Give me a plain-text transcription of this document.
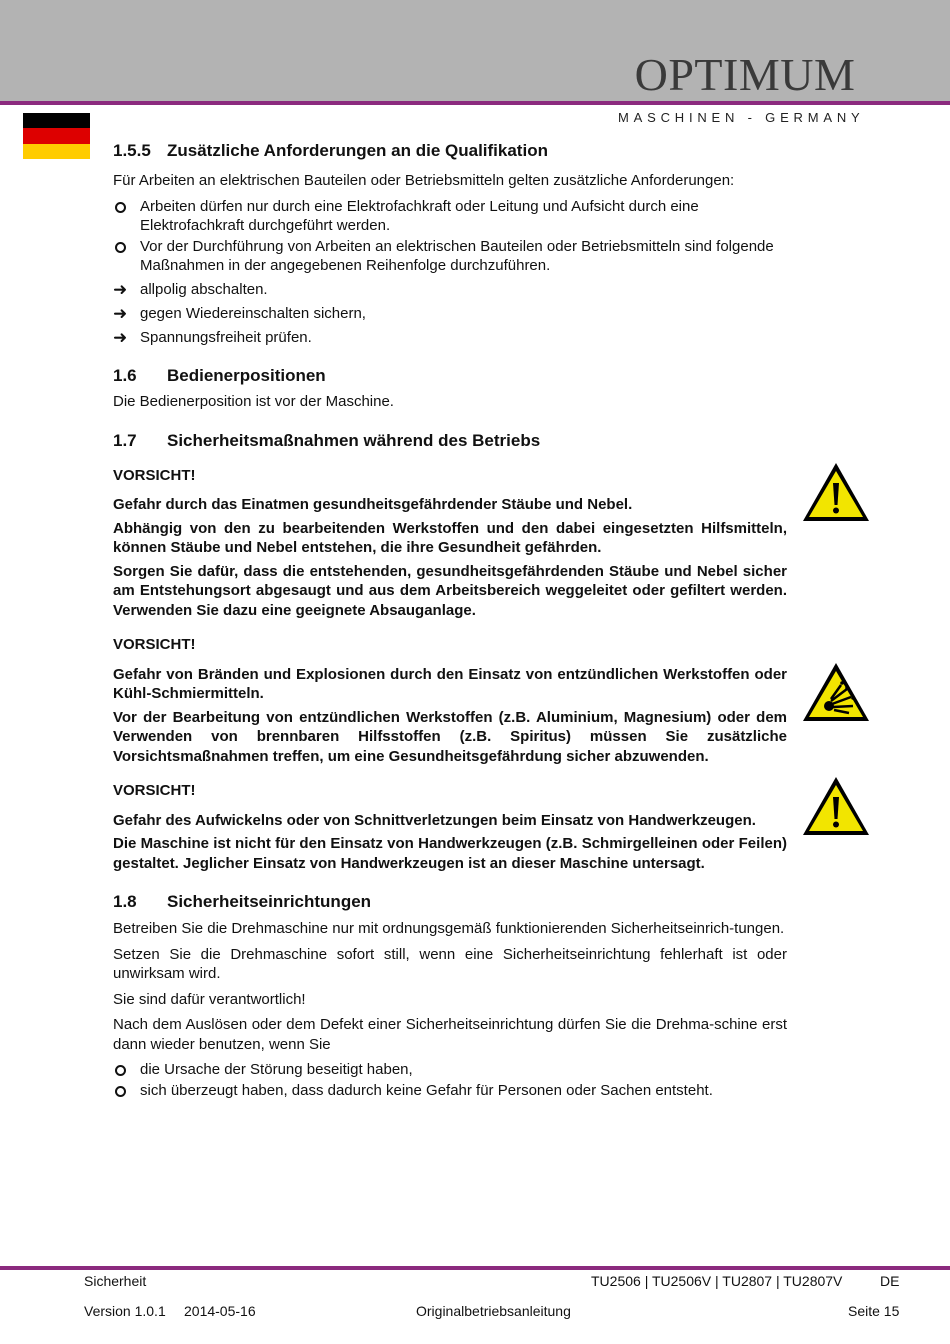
OPTIMUM
MASCHINEN - GERMANY
1.5.5 Zusätzliche Anforderungen an die Qualifikation

Für Arbeiten an elektrischen Bauteilen oder Betriebsmitteln gelten zusätzliche Anforderungen:

Arbeiten dürfen nur durch eine Elektrofachkraft oder Leitung und Aufsicht durch eine Elektrofachkraft durchgeführt werden.
Vor der Durchführung von Arbeiten an elektrischen Bauteilen oder Betriebsmitteln sind folgende Maßnahmen in der angegebenen Reihenfolge durchzuführen.
➜ allpolig abschalten.
➜ gegen Wiedereinschalten sichern,
➜ Spannungsfreiheit prüfen.
1.6 Bedienerpositionen

Die Bedienerposition ist vor der Maschine.

1.7 Sicherheitsmaßnahmen während des Betriebs

VORSICHT!

Gefahr durch das Einatmen gesundheitsgefährdender Stäube und Nebel.

Abhängig von den zu bearbeitenden Werkstoffen und den dabei eingesetzten Hilfsmitteln, können Stäube und Nebel entstehen, die ihre Gesundheit gefährden.

Sorgen Sie dafür, dass die entstehenden, gesundheitsgefährdenden Stäube und Nebel sicher am Entstehungsort abgesaugt und aus dem Arbeitsbereich weggeleitet oder gefiltert werden. Verwenden Sie dazu eine geeignete Absauganlage.

VORSICHT!

Gefahr von Bränden und Explosionen durch den Einsatz von entzündlichen Werkstoffen oder Kühl-Schmiermitteln.

Vor der Bearbeitung von entzündlichen Werkstoffen (z.B. Aluminium, Magnesium) oder dem Verwenden von brennbaren Hilfsstoffen (z.B. Spiritus) müssen Sie zusätzliche Vorsichtsmaßnahmen treffen, um eine Gesundheitsgefährdung sicher abzuwenden.

VORSICHT!

Gefahr des Aufwickelns oder von Schnittverletzungen beim Einsatz von Handwerkzeugen.

Die Maschine ist nicht für den Einsatz von Handwerkzeugen (z.B. Schmirgelleinen oder Feilen) gestaltet. Jeglicher Einsatz von Handwerkzeugen ist an dieser Maschine untersagt.

1.8 Sicherheitseinrichtungen

Betreiben Sie die Drehmaschine nur mit ordnungsgemäß funktionierenden Sicherheitseinrich-tungen.

Setzen Sie die Drehmaschine sofort still, wenn eine Sicherheitseinrichtung fehlerhaft ist oder unwirksam wird.

Sie sind dafür verantwortlich!

Nach dem Auslösen oder dem Defekt einer Sicherheitseinrichtung dürfen Sie die Drehma-schine erst dann wieder benutzen, wenn Sie

die Ursache der Störung beseitigt haben,
sich überzeugt haben, dass dadurch keine Gefahr für Personen oder Sachen entsteht.
Sicherheit	TU2506 | TU2506V | TU2807 | TU2807V	DE
Version 1.0.1 2014-05-16	Originalbetriebsanleitung	Seite 15
